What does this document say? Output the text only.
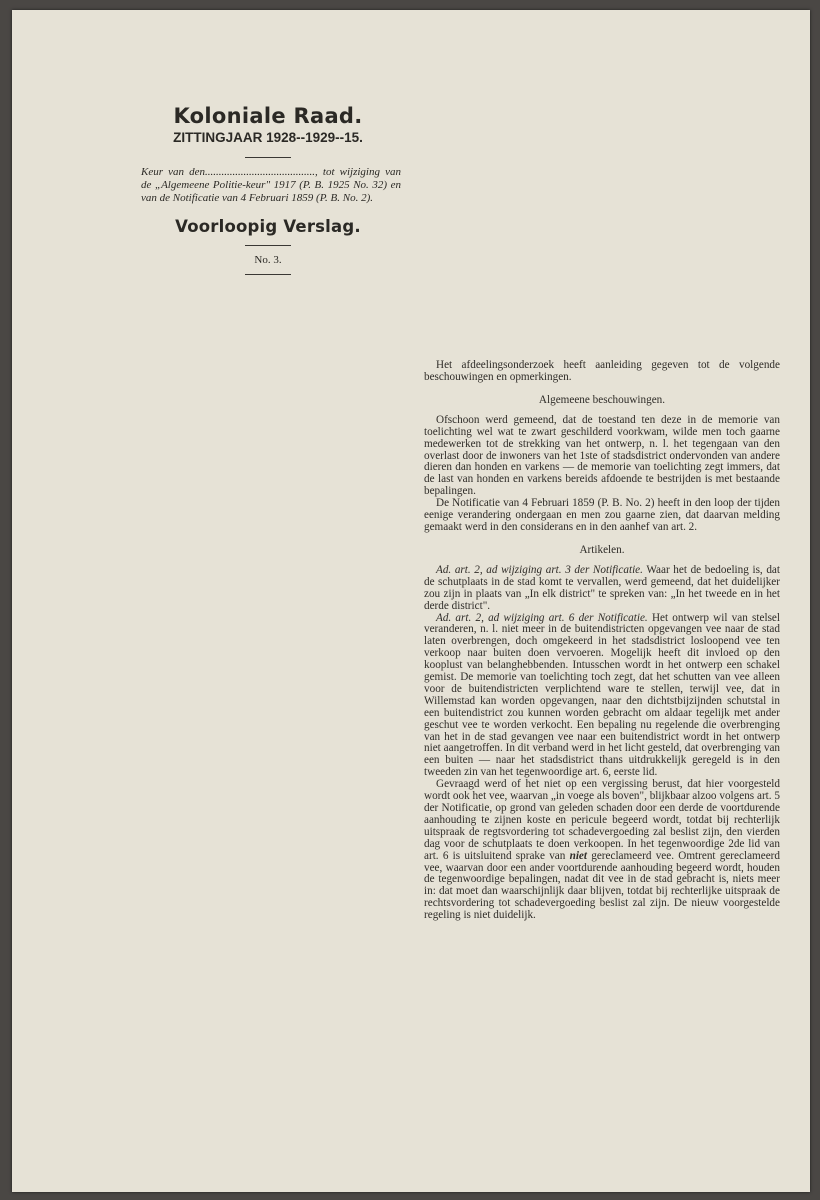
Koloniale Raad.

ZITTINGJAAR 1928--1929--15.

Keur van den........................................, tot wijziging van de „Algemeene Politie-keur" 1917 (P. B. 1925 No. 32) en van de Notificatie van 4 Februari 1859 (P. B. No. 2).

Voorloopig Verslag.

No. 3.

Het afdeelingsonderzoek heeft aanleiding gegeven tot de volgende beschouwingen en opmerkingen.

Algemeene beschouwingen.

Ofschoon werd gemeend, dat de toestand ten deze in de memorie van toelichting wel wat te zwart geschilderd voorkwam, wilde men toch gaarne medewerken tot de strekking van het ontwerp, n. l. het tegengaan van den overlast door de inwoners van het 1ste of stadsdistrict ondervonden van andere dieren dan honden en varkens — de memorie van toelichting zegt immers, dat de last van honden en varkens bereids afdoende te bestrijden is met bestaande bepalingen.

De Notificatie van 4 Februari 1859 (P. B. No. 2) heeft in den loop der tijden eenige verandering ondergaan en men zou gaarne zien, dat daarvan melding gemaakt werd in den considerans en in den aanhef van art. 2.

Artikelen.

Ad. art. 2, ad wijziging art. 3 der Notificatie. Waar het de bedoeling is, dat de schutplaats in de stad komt te vervallen, werd gemeend, dat het duidelijker zou zijn in plaats van „In elk district" te spreken van: „In het tweede en in het derde district".

Ad. art. 2, ad wijziging art. 6 der Notificatie. Het ontwerp wil van stelsel veranderen, n. l. niet meer in de buitendistricten opgevangen vee naar de stad laten overbrengen, doch omgekeerd in het stadsdistrict losloopend vee ten verkoop naar buiten doen vervoeren. Mogelijk heeft dit invloed op den kooplust van belanghebbenden. Intusschen wordt in het ontwerp een schakel gemist. De memorie van toelichting toch zegt, dat het schutten van vee alleen voor de buitendistricten verplichtend ware te stellen, terwijl vee, dat in Willemstad kan worden opgevangen, naar den dichtstbijzijnden schutstal in een buitendistrict zou kunnen worden gebracht om aldaar tegelijk met ander geschut vee te worden verkocht. Een bepaling nu regelende die overbrenging van het in de stad gevangen vee naar een buitendistrict wordt in het ontwerp niet aangetroffen. In dit verband werd in het licht gesteld, dat overbrenging van een buiten — naar het stadsdistrict thans uitdrukkelijk geregeld is in den tweeden zin van het tegenwoordige art. 6, eerste lid.

Gevraagd werd of het niet op een vergissing berust, dat hier voorgesteld wordt ook het vee, waarvan „in voege als boven", blijkbaar alzoo volgens art. 5 der Notificatie, op grond van geleden schaden door een derde de voortdurende aanhouding te zijnen koste en pericule begeerd wordt, totdat bij rechterlijk uitspraak de regtsvordering tot schadevergoeding zal beslist zijn, den vierden dag voor de schutplaats te doen verkoopen. In het tegenwoordige 2de lid van art. 6 is uitsluitend sprake van niet gereclameerd vee. Omtrent gereclameerd vee, waarvan door een ander voortdurende aanhouding begeerd wordt, houden de tegenwoordige bepalingen, nadat dit vee in de stad gebracht is, niets meer in: dat moet dan waarschijnlijk daar blijven, totdat bij rechterlijke uitspraak de rechtsvordering tot schadevergoeding beslist zal zijn. De nieuw voorgestelde regeling is niet duidelijk.
